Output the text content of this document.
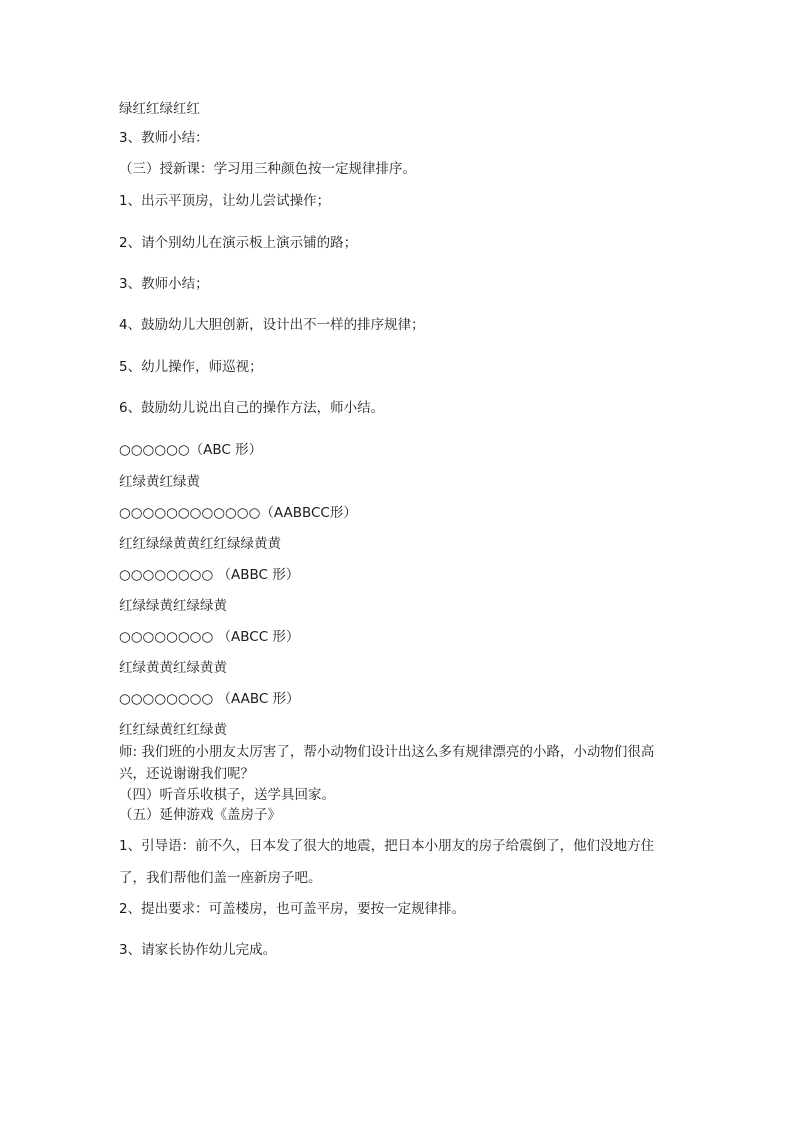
绿红红绿红红
3、教师小结：
（三）授新课：学习用三种颜色按一定规律排序。
1、出示平顶房，让幼儿尝试操作；
2、请个别幼儿在演示板上演示铺的路；
3、教师小结；
4、鼓励幼儿大胆创新，设计出不一样的排序规律；
5、幼儿操作，师巡视；
6、鼓励幼儿说出自己的操作方法，师小结。
○○○○○○（ABC 形）
红绿黄红绿黄
○○○○○○○○○○○○（AABBCC形）
红红绿绿黄黄红红绿绿黄黄
○○○○○○○○ （ABBC 形）
红绿绿黄红绿绿黄
○○○○○○○○ （ABCC 形）
红绿黄黄红绿黄黄
○○○○○○○○ （AABC 形）
红红绿黄红红绿黄
师: 我们班的小朋友太厉害了，帮小动物们设计出这么多有规律漂亮的小路，小动物们很高
兴，还说谢谢我们呢？
（四）听音乐收棋子，送学具回家。
（五）延伸游戏《盖房子》
1、引导语：前不久，日本发了很大的地震，把日本小朋友的房子给震倒了，他们没地方住
了，我们帮他们盖一座新房子吧。
2、提出要求：可盖楼房，也可盖平房，要按一定规律排。
3、请家长协作幼儿完成。
